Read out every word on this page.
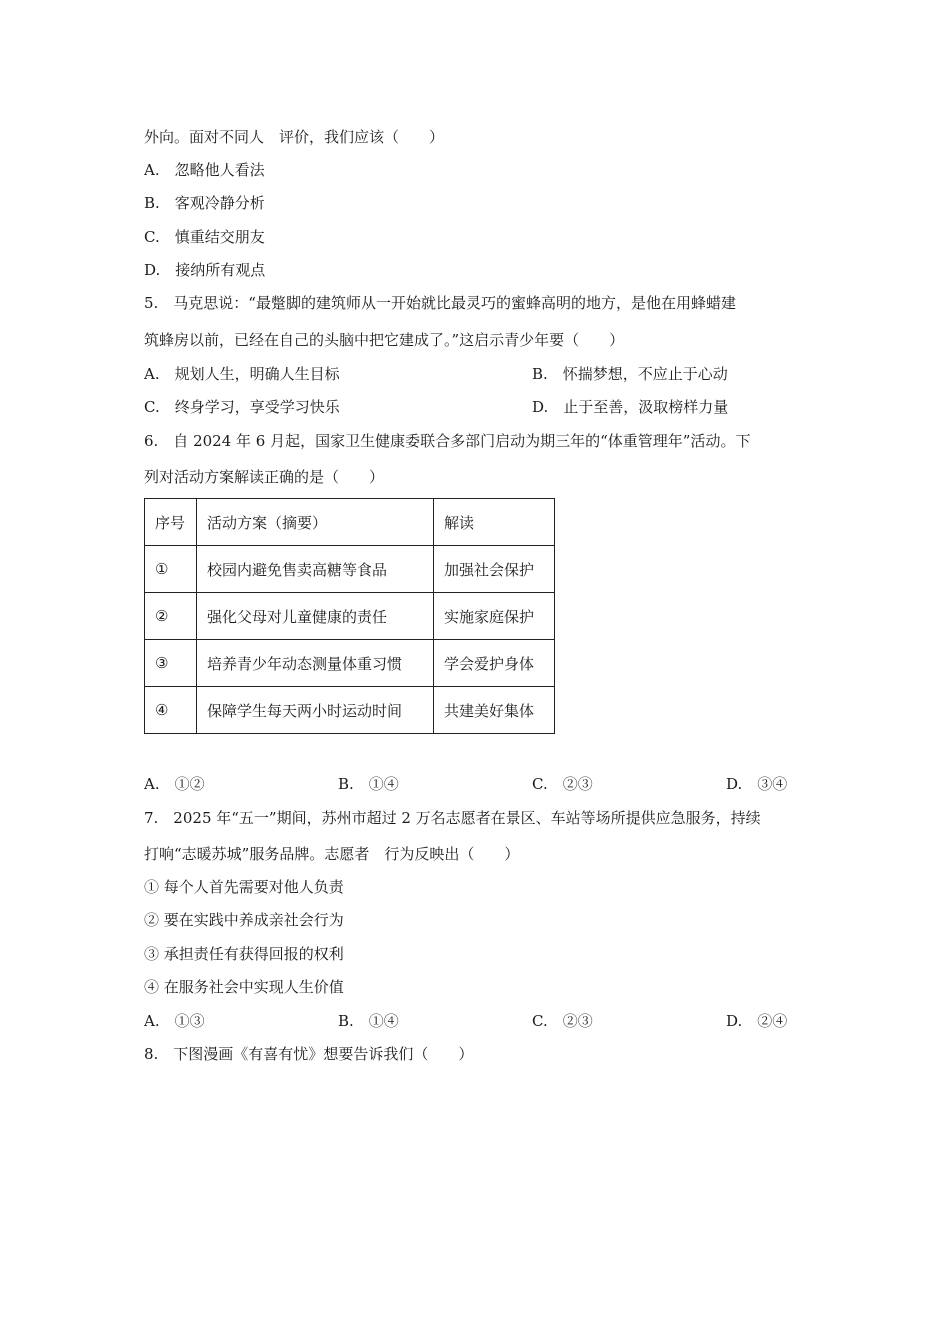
外向。面对不同人　评价，我们应该（　　）
A.　忽略他人看法
B.　客观冷静分析
C.　慎重结交朋友
D.　接纳所有观点
5.　马克思说：“最蹩脚的建筑师从一开始就比最灵巧的蜜蜂高明的地方，是他在用蜂蜡建
筑蜂房以前，已经在自己的头脑中把它建成了。”这启示青少年要（　　）
A.　规划人生，明确人生目标	B.　怀揣梦想，不应止于心动
C.　终身学习，享受学习快乐	D.　止于至善，汲取榜样力量
6.　自 2024 年 6 月起，国家卫生健康委联合多部门启动为期三年的“体重管理年”活动。下
列对活动方案解读正确的是（　　）
序号	活动方案（摘要）	解读
①	校园内避免售卖高糖等食品	加强社会保护
②	强化父母对儿童健康的责任	实施家庭保护
③	培养青少年动态测量体重习惯	学会爱护身体
④	保障学生每天两小时运动时间	共建美好集体
A.　①②	B.　①④	C.　②③	D.　③④
7.　2025 年“五一”期间，苏州市超过 2 万名志愿者在景区、车站等场所提供应急服务，持续
打响“志暖苏城”服务品牌。志愿者　行为反映出（　　）
① 每个人首先需要对他人负责
② 要在实践中养成亲社会行为
③ 承担责任有获得回报的权利
④ 在服务社会中实现人生价值
A.　①③	B.　①④	C.　②③	D.　②④
8.　下图漫画《有喜有忧》想要告诉我们（　　）
